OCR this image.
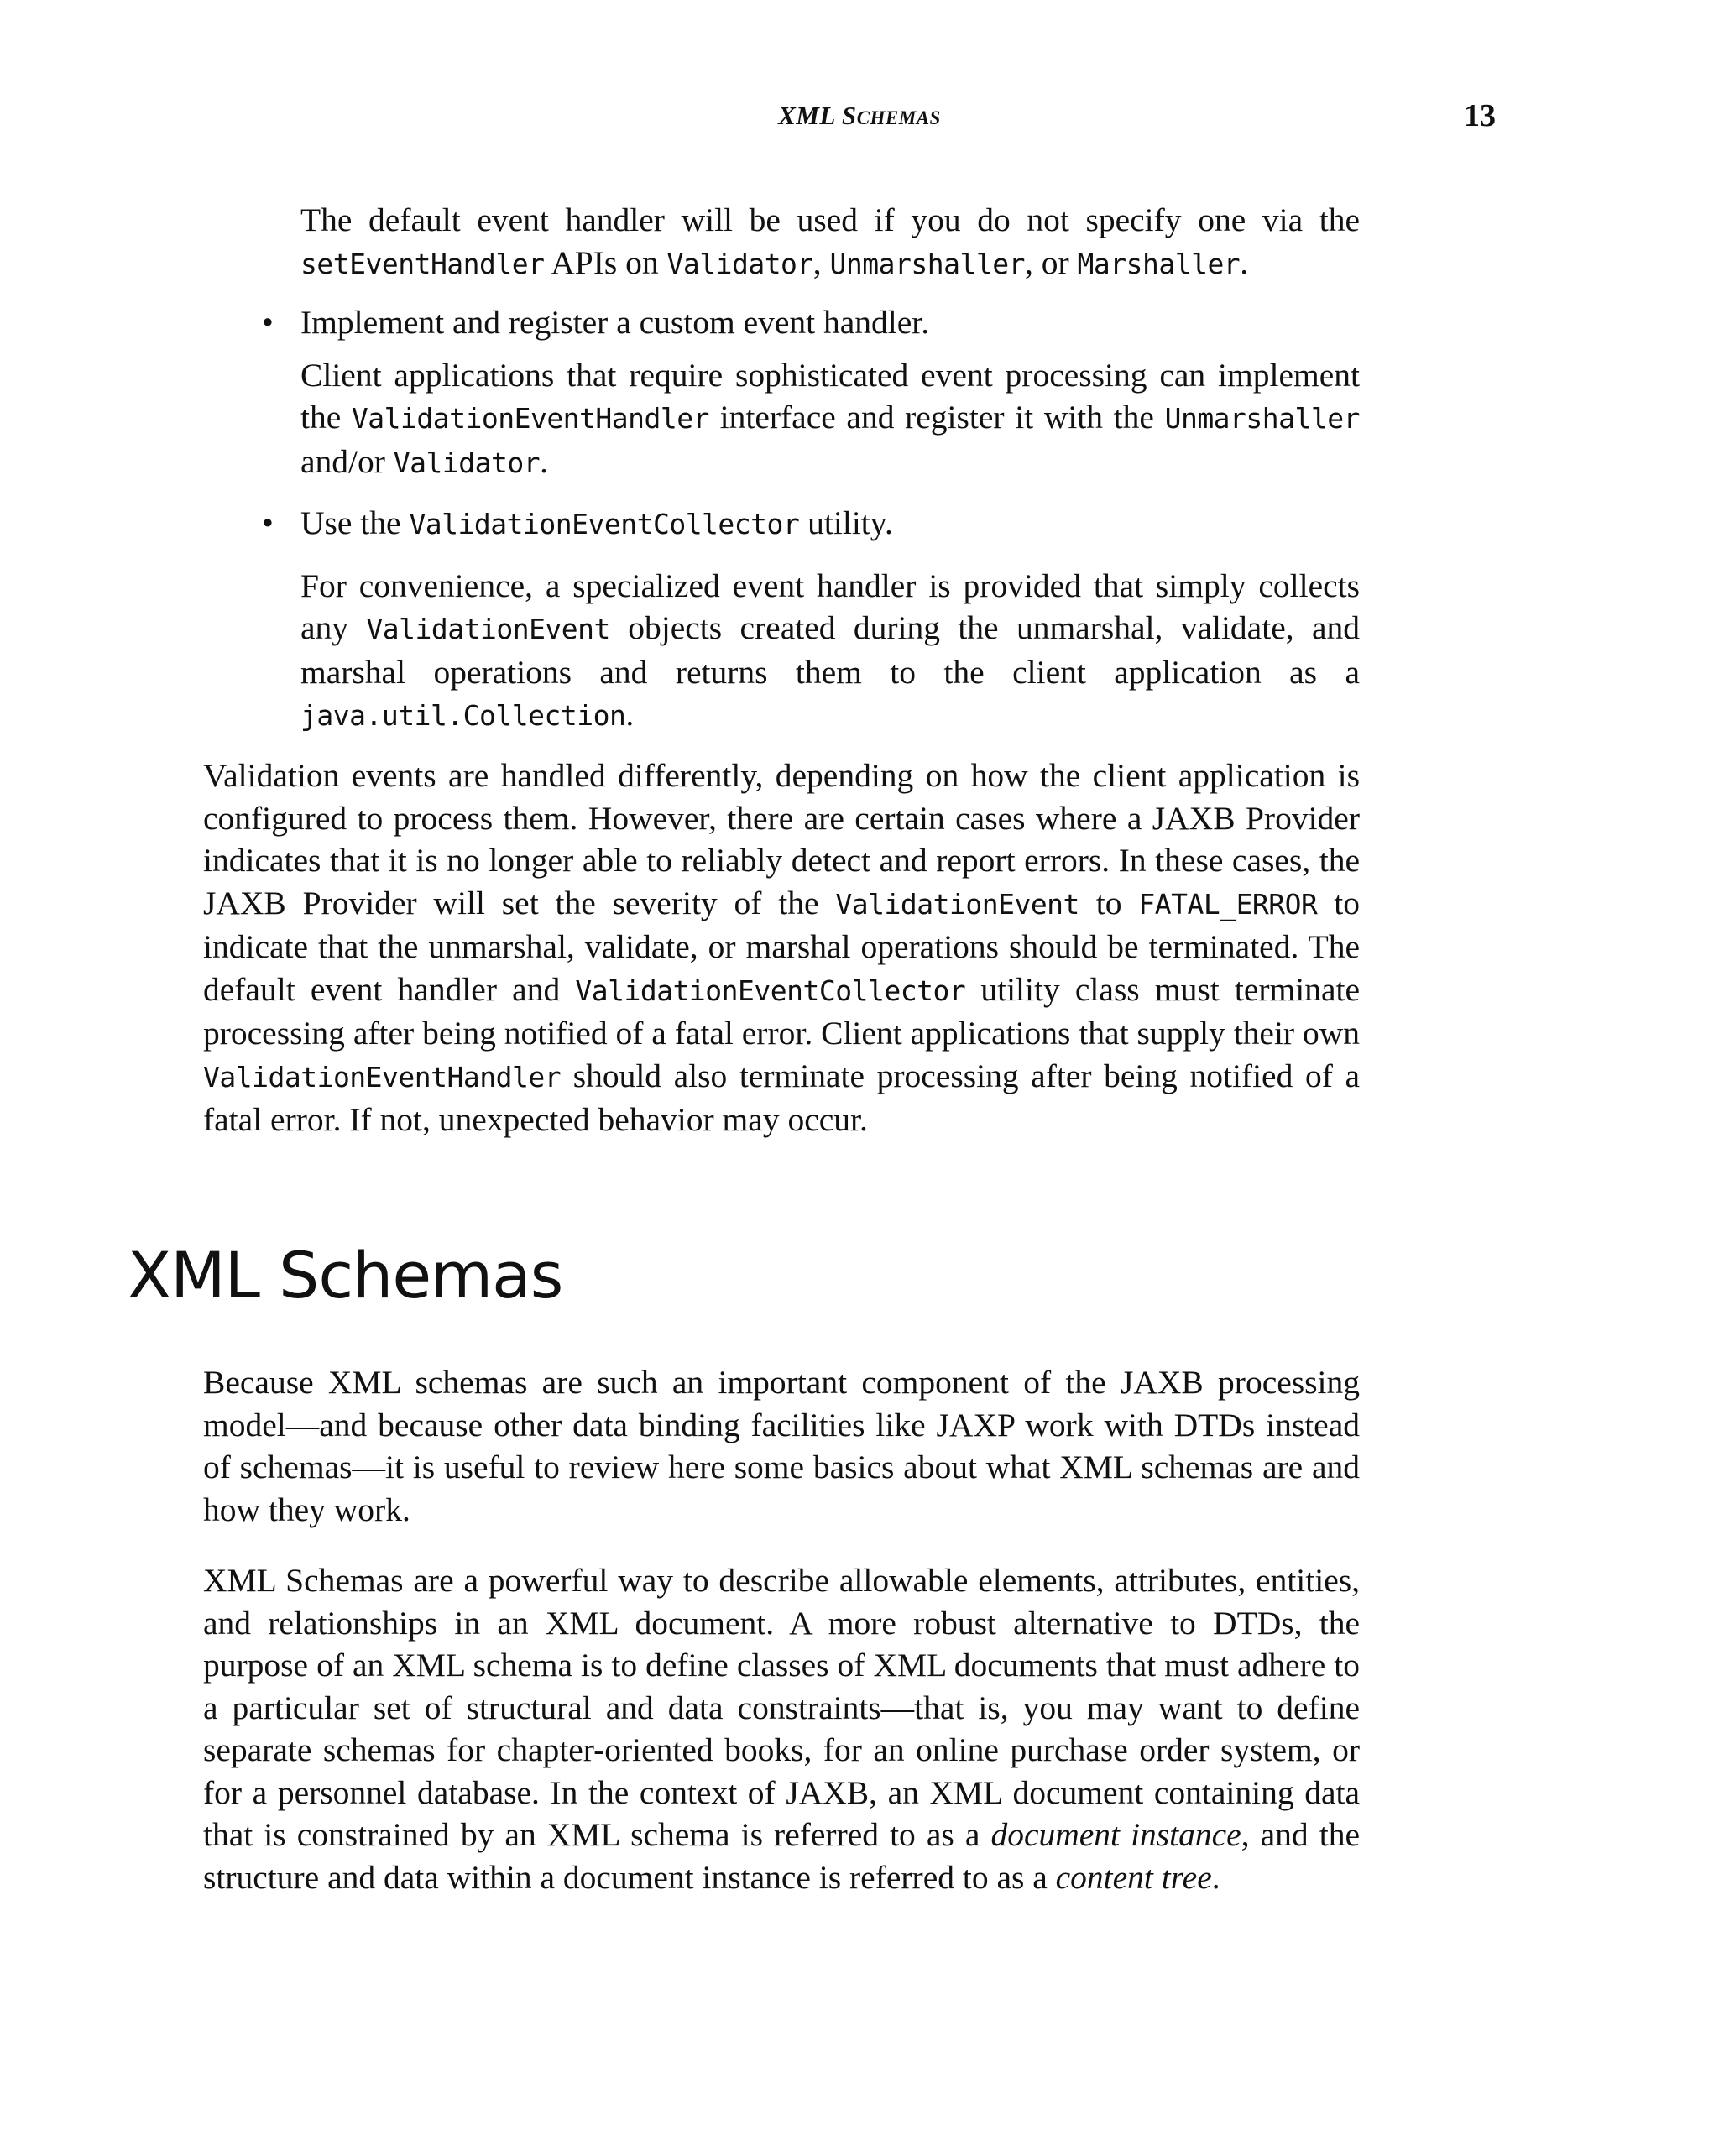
XML SCHEMAS	13

The default event handler will be used if you do not specify one via the setEventHandler APIs on Validator, Unmarshaller, or Marshaller.

• Implement and register a custom event handler.

Client applications that require sophisticated event processing can implement the ValidationEventHandler interface and register it with the Unmarshaller and/or Validator.

• Use the ValidationEventCollector utility.

For convenience, a specialized event handler is provided that simply collects any ValidationEvent objects created during the unmarshal, validate, and marshal operations and returns them to the client application as a java.util.Collection.

Validation events are handled differently, depending on how the client application is configured to process them. However, there are certain cases where a JAXB Provider indicates that it is no longer able to reliably detect and report errors. In these cases, the JAXB Provider will set the severity of the ValidationEvent to FATAL_ERROR to indicate that the unmarshal, validate, or marshal operations should be terminated. The default event handler and ValidationEventCollector utility class must terminate processing after being notified of a fatal error. Client applications that supply their own ValidationEventHandler should also terminate processing after being notified of a fatal error. If not, unexpected behavior may occur.

XML Schemas

Because XML schemas are such an important component of the JAXB processing model—and because other data binding facilities like JAXP work with DTDs instead of schemas—it is useful to review here some basics about what XML schemas are and how they work.

XML Schemas are a powerful way to describe allowable elements, attributes, entities, and relationships in an XML document. A more robust alternative to DTDs, the purpose of an XML schema is to define classes of XML documents that must adhere to a particular set of structural and data constraints—that is, you may want to define separate schemas for chapter-oriented books, for an online purchase order system, or for a personnel database. In the context of JAXB, an XML document containing data that is constrained by an XML schema is referred to as a document instance, and the structure and data within a document instance is referred to as a content tree.
